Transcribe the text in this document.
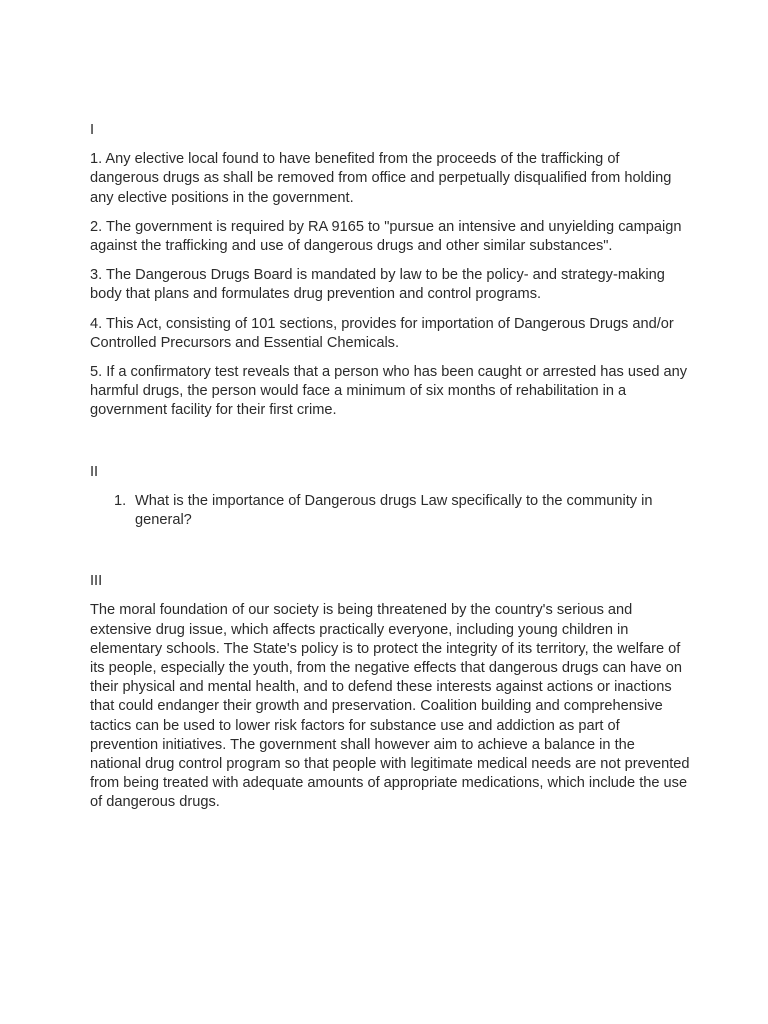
I

1. Any elective local found to have benefited from the proceeds of the trafficking of dangerous drugs as shall be removed from office and perpetually disqualified from holding any elective positions in the government.

2. The government is required by RA 9165 to "pursue an intensive and unyielding campaign against the trafficking and use of dangerous drugs and other similar substances".

3. The Dangerous Drugs Board is mandated by law to be the policy- and strategy-making body that plans and formulates drug prevention and control programs.

4. This Act, consisting of 101 sections, provides for importation of Dangerous Drugs and/or Controlled Precursors and Essential Chemicals.

5. If a confirmatory test reveals that a person who has been caught or arrested has used any harmful drugs, the person would face a minimum of six months of rehabilitation in a government facility for their first crime.

II

1. What is the importance of Dangerous drugs Law specifically to the community in general?

III

The moral foundation of our society is being threatened by the country's serious and extensive drug issue, which affects practically everyone, including young children in elementary schools. The State's policy is to protect the integrity of its territory, the welfare of its people, especially the youth, from the negative effects that dangerous drugs can have on their physical and mental health, and to defend these interests against actions or inactions that could endanger their growth and preservation. Coalition building and comprehensive tactics can be used to lower risk factors for substance use and addiction as part of prevention initiatives. The government shall however aim to achieve a balance in the national drug control program so that people with legitimate medical needs are not prevented from being treated with adequate amounts of appropriate medications, which include the use of dangerous drugs.
